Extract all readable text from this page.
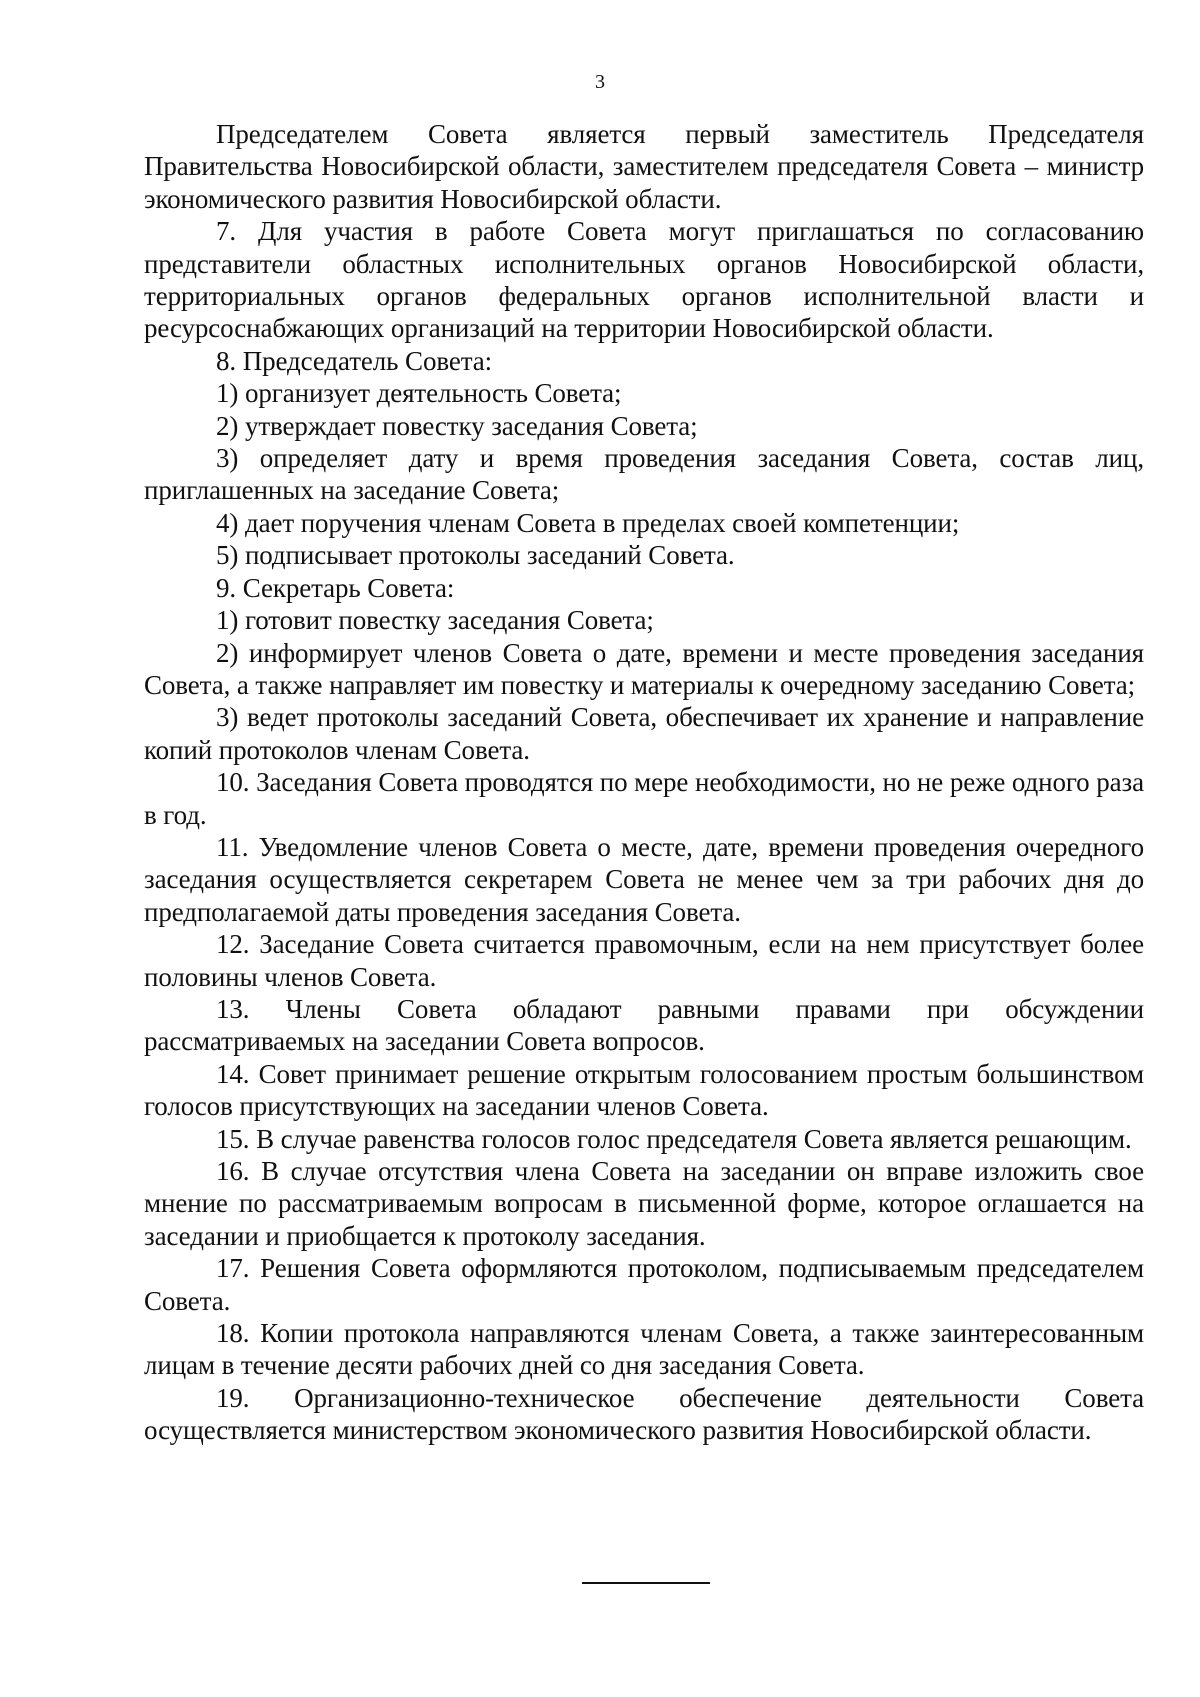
3

Председателем Совета является первый заместитель Председателя Правительства Новосибирской области, заместителем председателя Совета – министр экономического развития Новосибирской области.

7. Для участия в работе Совета могут приглашаться по согласованию представители областных исполнительных органов Новосибирской области, территориальных органов федеральных органов исполнительной власти и ресурсоснабжающих организаций на территории Новосибирской области.

8. Председатель Совета:

1) организует деятельность Совета;

2) утверждает повестку заседания Совета;

3) определяет дату и время проведения заседания Совета, состав лиц, приглашенных на заседание Совета;

4) дает поручения членам Совета в пределах своей компетенции;

5) подписывает протоколы заседаний Совета.

9. Секретарь Совета:

1) готовит повестку заседания Совета;

2) информирует членов Совета о дате, времени и месте проведения заседания Совета, а также направляет им повестку и материалы к очередному заседанию Совета;

3) ведет протоколы заседаний Совета, обеспечивает их хранение и направление копий протоколов членам Совета.

10. Заседания Совета проводятся по мере необходимости, но не реже одного раза в год.

11. Уведомление членов Совета о месте, дате, времени проведения очередного заседания осуществляется секретарем Совета не менее чем за три рабочих дня до предполагаемой даты проведения заседания Совета.

12. Заседание Совета считается правомочным, если на нем присутствует более половины членов Совета.

13. Члены Совета обладают равными правами при обсуждении рассматриваемых на заседании Совета вопросов.

14. Совет принимает решение открытым голосованием простым большинством голосов присутствующих на заседании членов Совета.

15. В случае равенства голосов голос председателя Совета является решающим.

16. В случае отсутствия члена Совета на заседании он вправе изложить свое мнение по рассматриваемым вопросам в письменной форме, которое оглашается на заседании и приобщается к протоколу заседания.

17. Решения Совета оформляются протоколом, подписываемым председателем Совета.

18. Копии протокола направляются членам Совета, а также заинтересованным лицам в течение десяти рабочих дней со дня заседания Совета.

19. Организационно-техническое обеспечение деятельности Совета осуществляется министерством экономического развития Новосибирской области.
